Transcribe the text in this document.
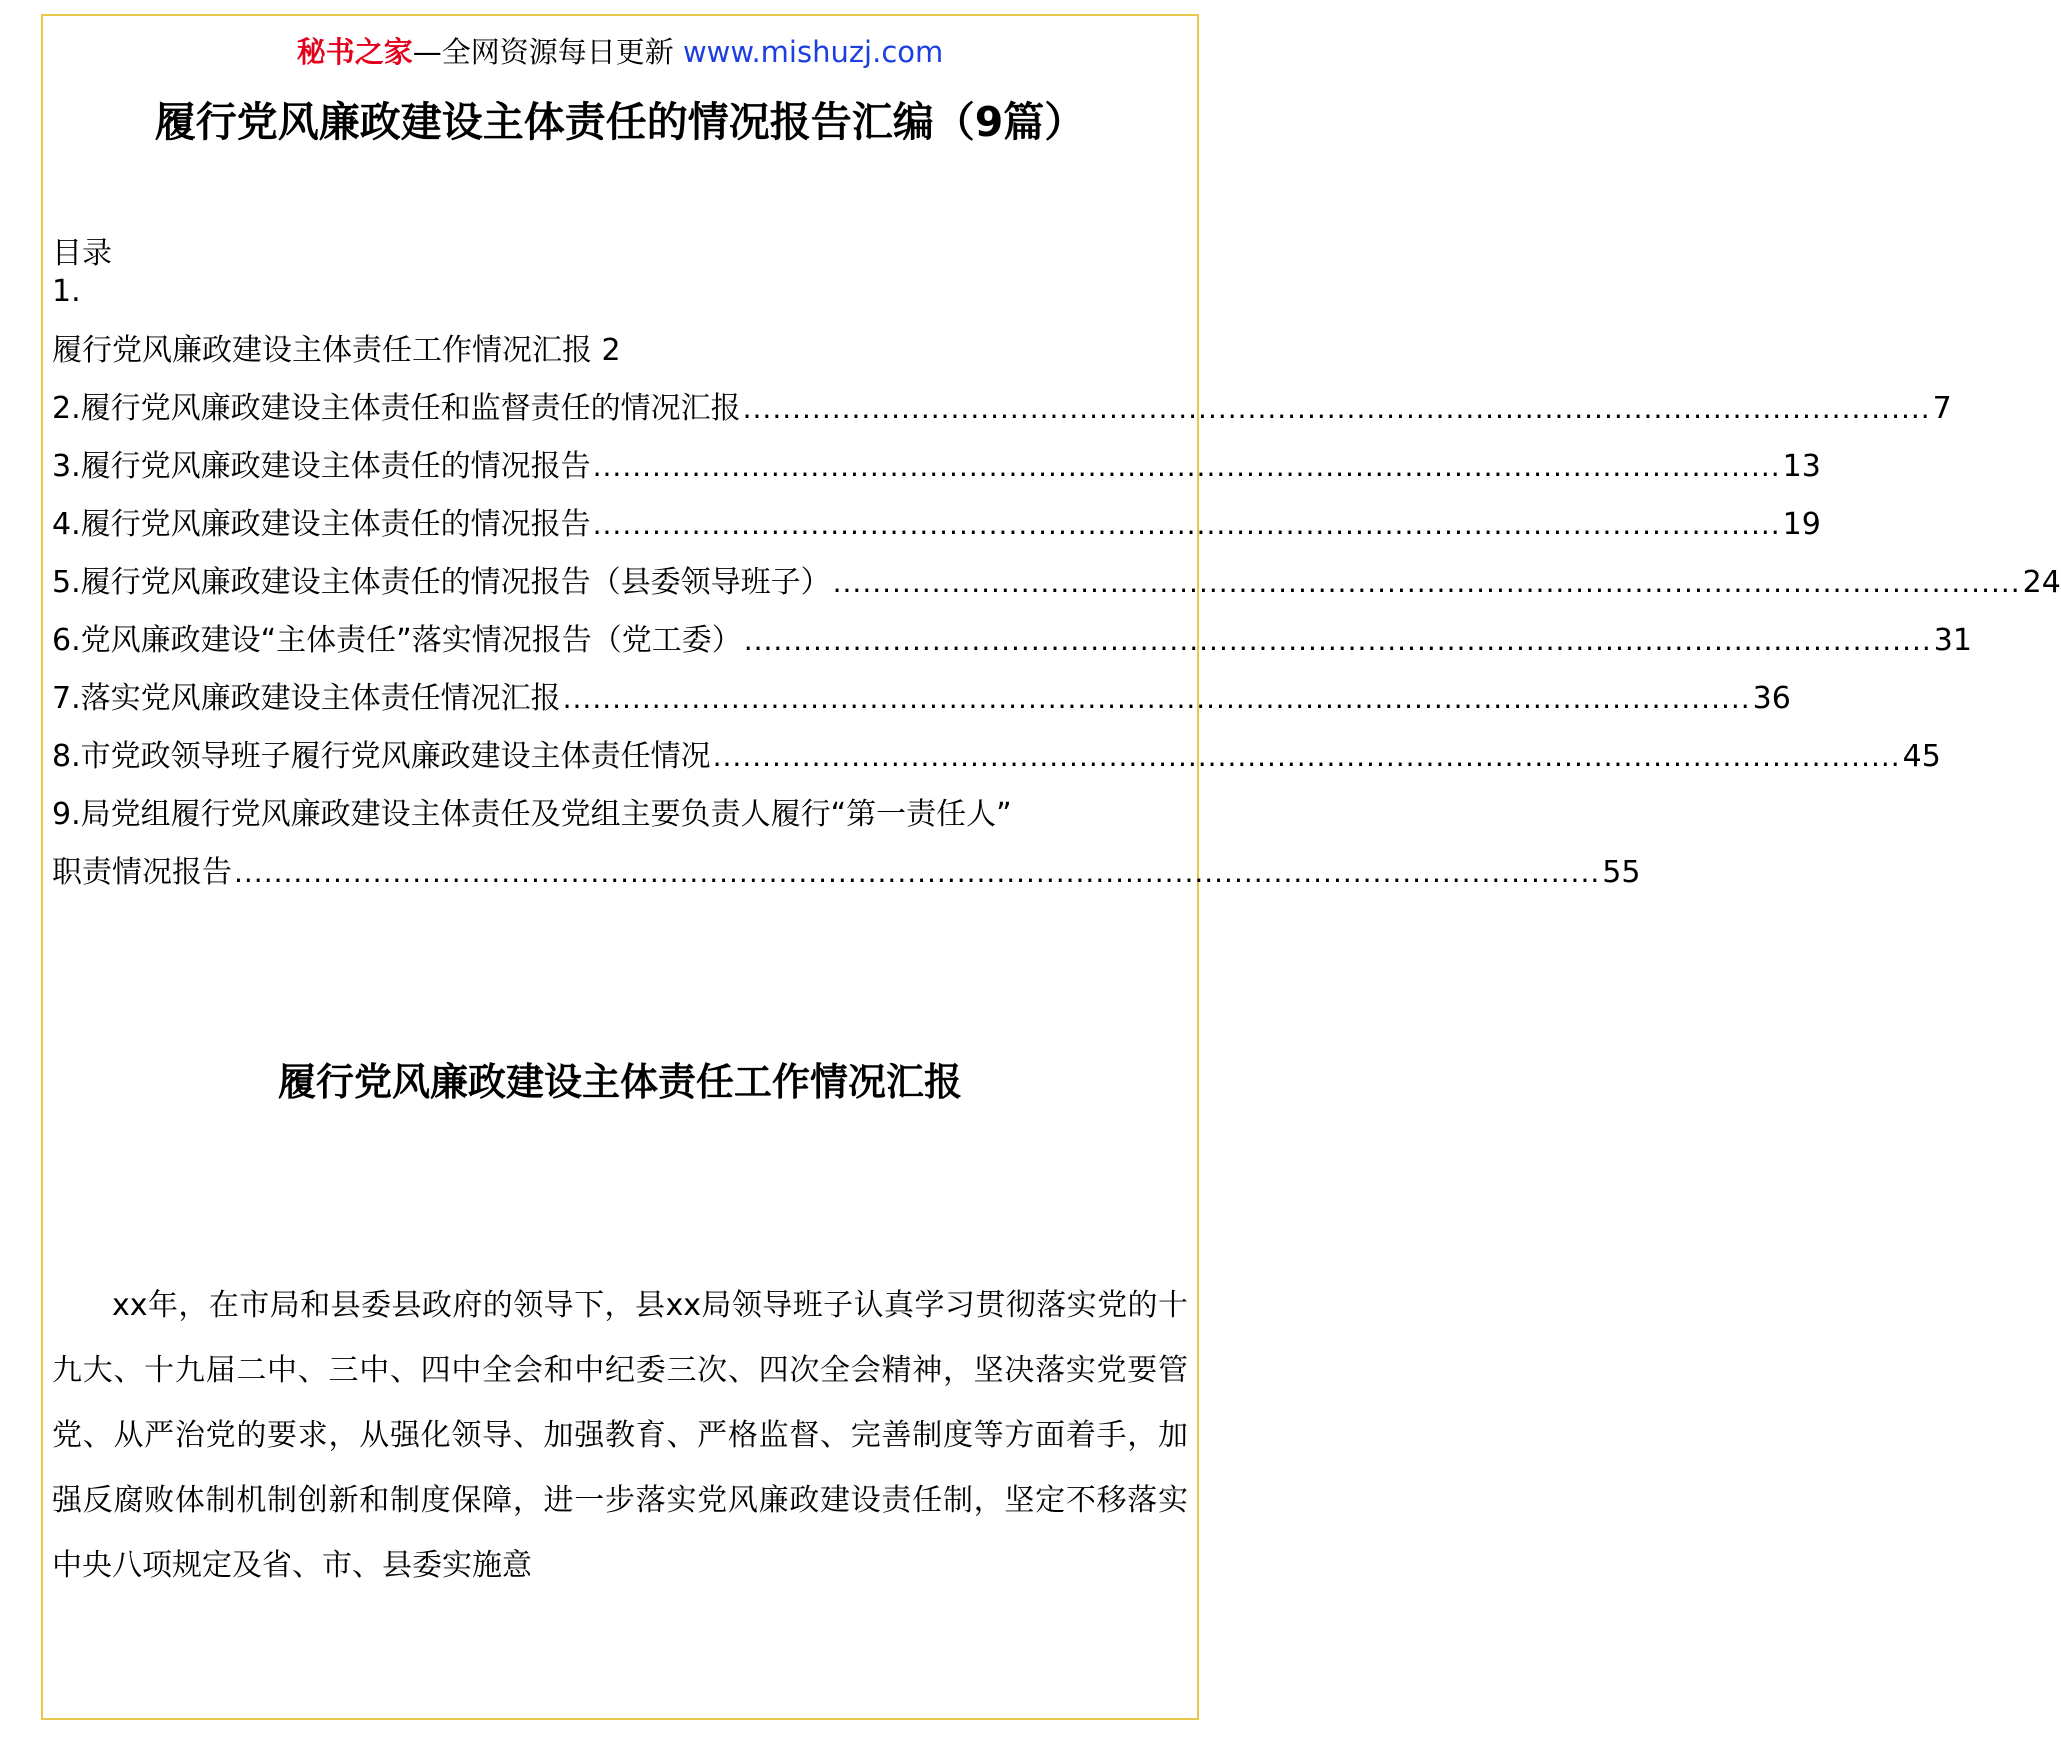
秘书之家—全网资源每日更新 www.mishuzj.com
履行党风廉政建设主体责任的情况报告汇编（9篇）
目录
1.
履行党风廉政建设主体责任工作情况汇报 2
2.履行党风廉政建设主体责任和监督责任的情况汇报 ........................................................................................................................ 7
3.履行党风廉政建设主体责任的情况报告 ........................................................................................................................ 13
4.履行党风廉政建设主体责任的情况报告 ........................................................................................................................ 19
5.履行党风廉政建设主体责任的情况报告（县委领导班子） ........................................................................................................................ 24
6.党风廉政建设“主体责任”落实情况报告（党工委） ........................................................................................................................ 31
7.落实党风廉政建设主体责任情况汇报 ........................................................................................................................ 36
8.市党政领导班子履行党风廉政建设主体责任情况 ........................................................................................................................ 45
9.局党组履行党风廉政建设主体责任及党组主要负责人履行“第一责任人”
职责情况报告 .......................................................................................................................................... 55
履行党风廉政建设主体责任工作情况汇报

xx年，在市局和县委县政府的领导下，县xx局领导班子认真学习贯彻落实党的十九大、十九届二中、三中、四中全会和中纪委三次、四次全会精神，坚决落实党要管党、从严治党的要求，从强化领导、加强教育、严格监督、完善制度等方面着手，加强反腐败体制机制创新和制度保障，进一步落实党风廉政建设责任制，坚定不移落实中央八项规定及省、市、县委实施意
